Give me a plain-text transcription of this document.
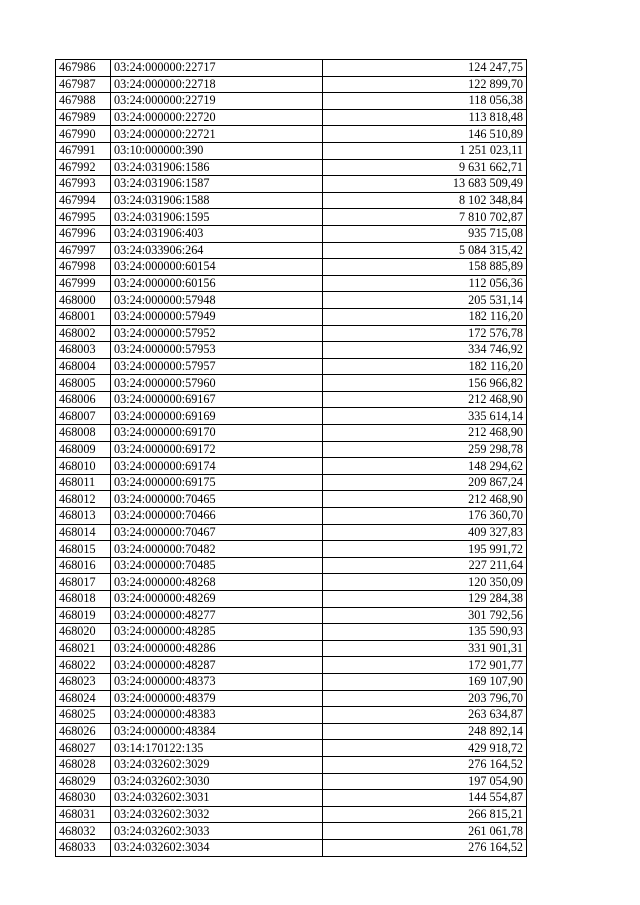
467986	03:24:000000:22717	124 247,75
467987	03:24:000000:22718	122 899,70
467988	03:24:000000:22719	118 056,38
467989	03:24:000000:22720	113 818,48
467990	03:24:000000:22721	146 510,89
467991	03:10:000000:390	1 251 023,11
467992	03:24:031906:1586	9 631 662,71
467993	03:24:031906:1587	13 683 509,49
467994	03:24:031906:1588	8 102 348,84
467995	03:24:031906:1595	7 810 702,87
467996	03:24:031906:403	935 715,08
467997	03:24:033906:264	5 084 315,42
467998	03:24:000000:60154	158 885,89
467999	03:24:000000:60156	112 056,36
468000	03:24:000000:57948	205 531,14
468001	03:24:000000:57949	182 116,20
468002	03:24:000000:57952	172 576,78
468003	03:24:000000:57953	334 746,92
468004	03:24:000000:57957	182 116,20
468005	03:24:000000:57960	156 966,82
468006	03:24:000000:69167	212 468,90
468007	03:24:000000:69169	335 614,14
468008	03:24:000000:69170	212 468,90
468009	03:24:000000:69172	259 298,78
468010	03:24:000000:69174	148 294,62
468011	03:24:000000:69175	209 867,24
468012	03:24:000000:70465	212 468,90
468013	03:24:000000:70466	176 360,70
468014	03:24:000000:70467	409 327,83
468015	03:24:000000:70482	195 991,72
468016	03:24:000000:70485	227 211,64
468017	03:24:000000:48268	120 350,09
468018	03:24:000000:48269	129 284,38
468019	03:24:000000:48277	301 792,56
468020	03:24:000000:48285	135 590,93
468021	03:24:000000:48286	331 901,31
468022	03:24:000000:48287	172 901,77
468023	03:24:000000:48373	169 107,90
468024	03:24:000000:48379	203 796,70
468025	03:24:000000:48383	263 634,87
468026	03:24:000000:48384	248 892,14
468027	03:14:170122:135	429 918,72
468028	03:24:032602:3029	276 164,52
468029	03:24:032602:3030	197 054,90
468030	03:24:032602:3031	144 554,87
468031	03:24:032602:3032	266 815,21
468032	03:24:032602:3033	261 061,78
468033	03:24:032602:3034	276 164,52
